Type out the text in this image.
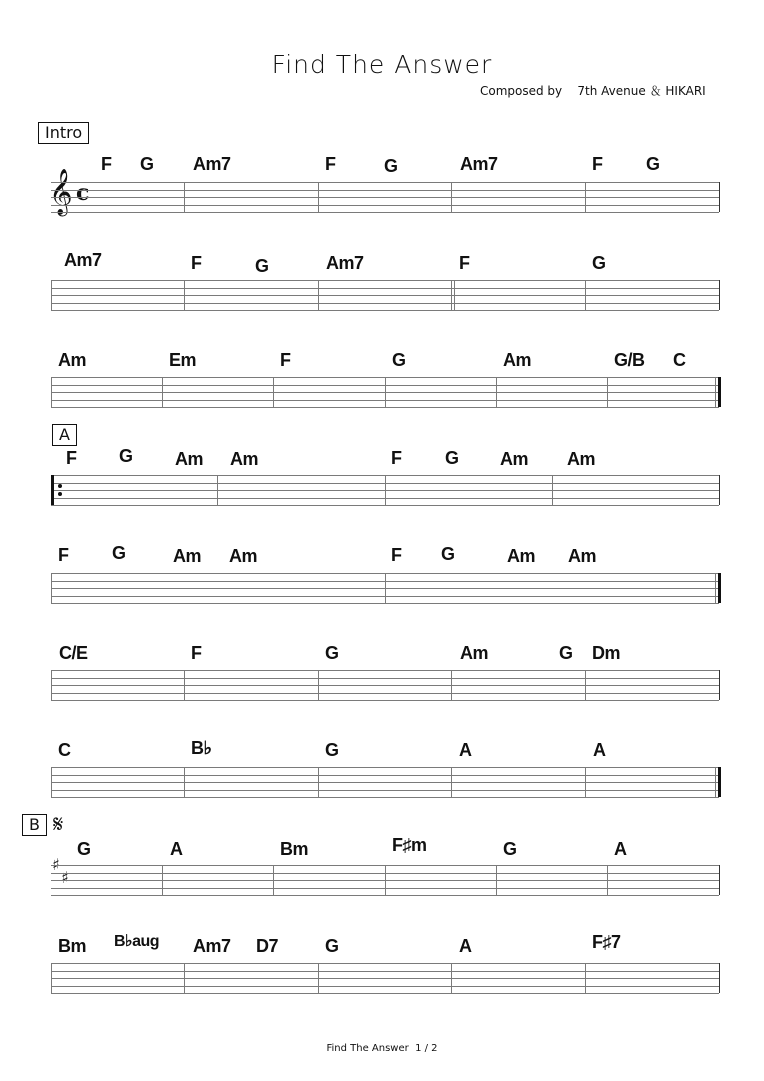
Find The Answer
Composed by    7th Avenue ＆ HIKARI
Intro
𝄞 c
F G Am7	F	G	Am7	F G
Am7	F	G	Am7	F	G
Am	Em	F	G	Am	G/B C
A
F G Am Am	F G Am Am
F G	Am Am	F G	Am Am
C/E	F	G	Am	G Dm
C	B♭	G	A	A
B 𝄋
♯
♯
G	A	Bm	F♯m	G	A
Bm B♭aug Am7 D7	G	A	F♯7
Find The Answer  1 / 2
